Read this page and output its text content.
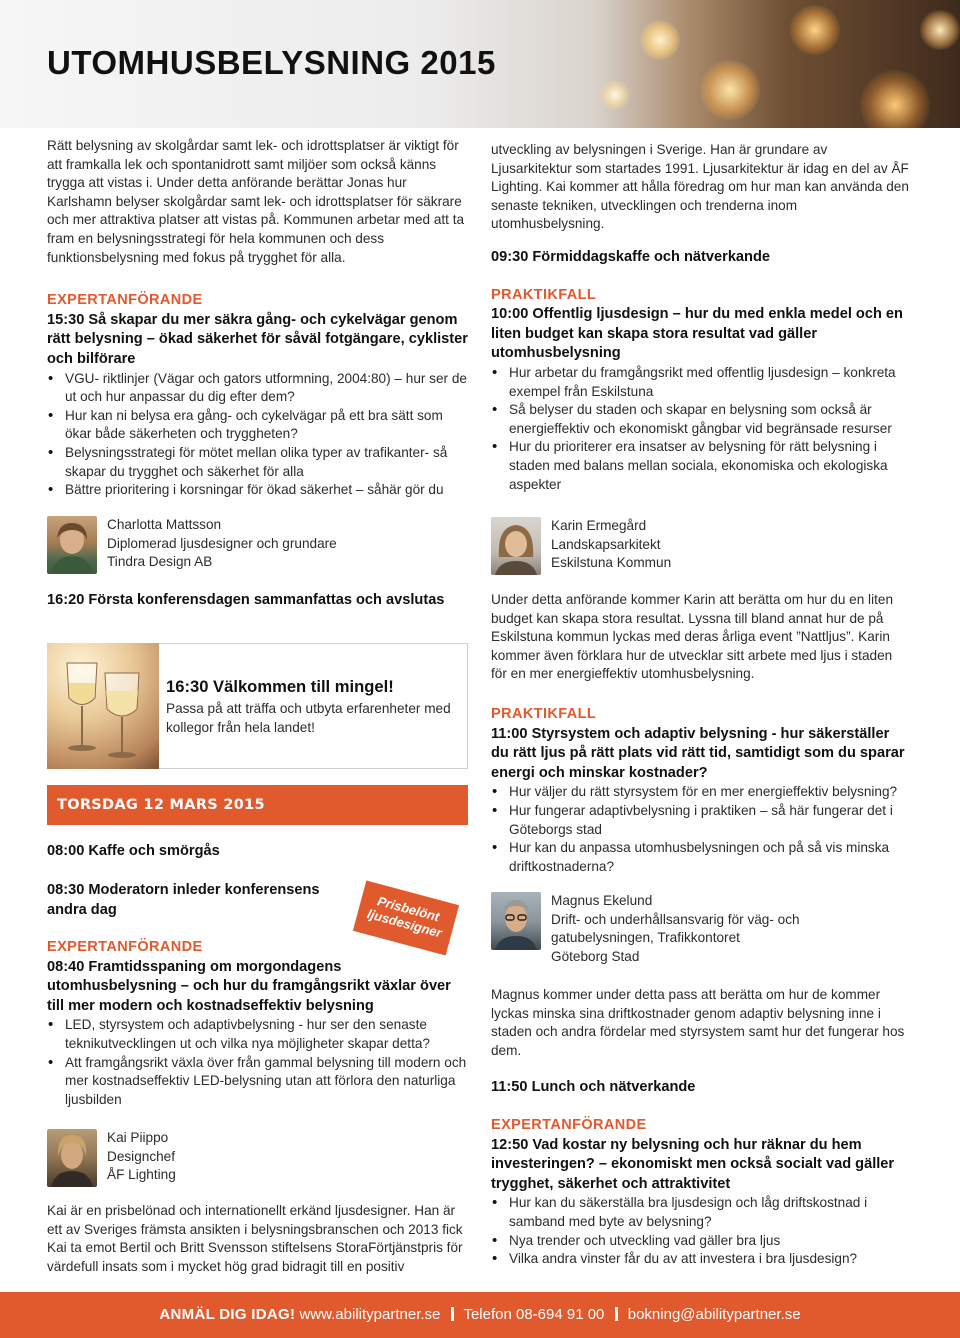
UTOMHUSBELYSNING 2015

Rätt belysning av skolgårdar samt lek- och idrottsplatser är viktigt för att framkalla lek och spontanidrott samt miljöer som också känns trygga att vistas i. Under detta anförande berättar Jonas hur Karlshamn belyser skolgårdar samt lek- och idrottsplatser för säkrare och mer attraktiva platser att vistas på. Kommunen arbetar med att ta fram en belysningsstrategi för hela kommunen och dess funktionsbelysning med fokus på trygghet för alla.

EXPERTANFÖRANDE
15:30 Så skapar du mer säkra gång- och cykelvägar genom rätt belysning – ökad säkerhet för såväl fotgängare, cyklister och bilförare
• VGU- riktlinjer (Vägar och gators utformning, 2004:80) – hur ser de ut och hur anpassar du dig efter dem?
• Hur kan ni belysa era gång- och cykelvägar på ett bra sätt som ökar både säkerheten och tryggheten?
• Belysningsstrategi för mötet mellan olika typer av trafikanter- så skapar du trygghet och säkerhet för alla
• Bättre prioritering i korsningar för ökad säkerhet – såhär gör du
Charlotta Mattsson
Diplomerad ljusdesigner och grundare
Tindra Design AB
16:20 Första konferensdagen sammanfattas och avslutas
16:30 Välkommen till mingel!
Passa på att träffa och utbyta erfarenheter med kollegor från hela landet!
TORSDAG 12 MARS 2015
08:00 Kaffe och smörgås
08:30 Moderatorn inleder konferensens andra dag	Prisbelönt ljusdesigner
EXPERTANFÖRANDE
08:40 Framtidsspaning om morgondagens utomhusbelysning – och hur du framgångsrikt växlar över till mer modern och kostnadseffektiv belysning
• LED, styrsystem och adaptivbelysning - hur ser den senaste teknikutvecklingen ut och vilka nya möjligheter skapar detta?
• Att framgångsrikt växla över från gammal belysning till modern och mer kostnadseffektiv LED-belysning utan att förlora den naturliga ljusbilden
Kai Piippo
Designchef
ÅF Lighting
Kai är en prisbelönad och internationellt erkänd ljusdesigner. Han är ett av Sveriges främsta ansikten i belysningsbranschen och 2013 fick Kai ta emot Bertil och Britt Svensson stiftelsens StoraFörtjänstpris för värdefull insats som i mycket hög grad bidragit till en positiv

utveckling av belysningen i Sverige. Han är grundare av Ljusarkitektur som startades 1991. Ljusarkitektur är idag en del av ÅF Lighting. Kai kommer att hålla föredrag om hur man kan använda den senaste tekniken, utvecklingen och trenderna inom utomhusbelysning.

09:30 Förmiddagskaffe och nätverkande
PRAKTIKFALL
10:00 Offentlig ljusdesign – hur du med enkla medel och en liten budget kan skapa stora resultat vad gäller utomhusbelysning
• Hur arbetar du framgångsrikt med offentlig ljusdesign – konkreta exempel från Eskilstuna
• Så belyser du staden och skapar en belysning som också är energieffektiv och ekonomiskt gångbar vid begränsade resurser
• Hur du prioriterer era insatser av belysning för rätt belysning i staden med balans mellan sociala, ekonomiska och ekologiska aspekter
Karin Ermegård
Landskapsarkitekt
Eskilstuna Kommun

Under detta anförande kommer Karin att berätta om hur du en liten budget kan skapa stora resultat. Lyssna till bland annat hur de på Eskilstuna kommun lyckas med deras årliga event ”Nattljus”. Karin kommer även förklara hur de utvecklar sitt arbete med ljus i staden för en mer energieffektiv utomhusbelysning.

PRAKTIKFALL
11:00 Styrsystem och adaptiv belysning - hur säkerställer du rätt ljus på rätt plats vid rätt tid, samtidigt som du sparar energi och minskar kostnader?
• Hur väljer du rätt styrsystem för en mer energieffektiv belysning?
• Hur fungerar adaptivbelysning i praktiken – så här fungerar det i Göteborgs stad
• Hur kan du anpassa utomhusbelysningen och på så vis minska driftkostnaderna?
Magnus Ekelund
Drift- och underhållsansvarig för väg- och gatubelysningen, Trafikkontoret
Göteborg Stad

Magnus kommer under detta pass att berätta om hur de kommer lyckas minska sina driftkostnader genom adaptiv belysning inne i staden och andra fördelar med styrsystem samt hur det fungerar hos dem.

11:50 Lunch och nätverkande
EXPERTANFÖRANDE
12:50 Vad kostar ny belysning och hur räknar du hem investeringen? – ekonomiskt men också socialt vad gäller trygghet, säkerhet och attraktivitet
• Hur kan du säkerställa bra ljusdesign och låg driftskostnad i samband med byte av belysning?
• Nya trender och utveckling vad gäller bra ljus
• Vilka andra vinster får du av att investera i bra ljusdesign?
ANMÄL DIG IDAG! www.abilitypartner.se Telefon 08-694 91 00 bokning@abilitypartner.se
